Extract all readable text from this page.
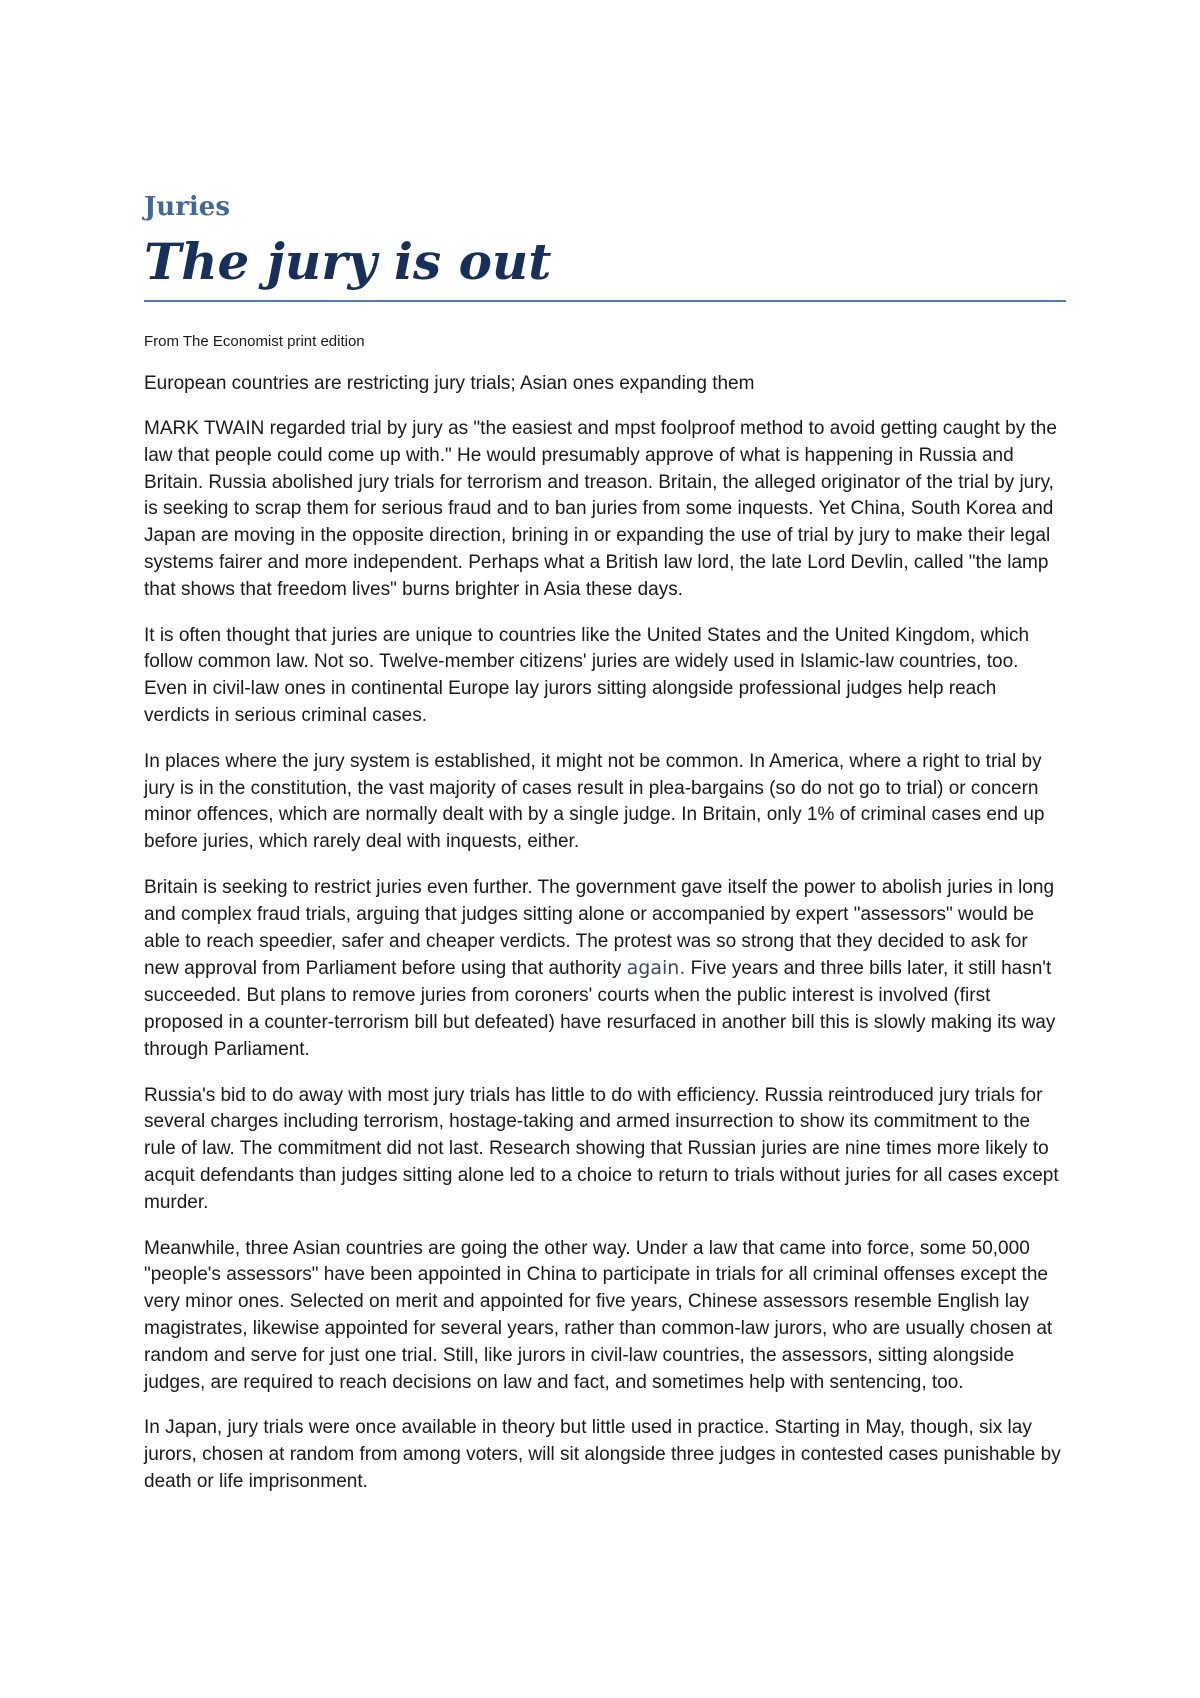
Juries
The jury is out

From The Economist print edition

European countries are restricting jury trials; Asian ones expanding them

MARK TWAIN regarded trial by jury as "the easiest and mpst foolproof method to avoid getting caught by the law that people could come up with." He would presumably approve of what is happening in Russia and Britain. Russia abolished jury trials for terrorism and treason. Britain, the alleged originator of the trial by jury, is seeking to scrap them for serious fraud and to ban juries from some inquests. Yet China, South Korea and Japan are moving in the opposite direction, brining in or expanding the use of trial by jury to make their legal systems fairer and more independent. Perhaps what a British law lord, the late Lord Devlin, called "the lamp that shows that freedom lives" burns brighter in Asia these days.

It is often thought that juries are unique to countries like the United States and the United Kingdom, which follow common law. Not so. Twelve-member citizens' juries are widely used in Islamic-law countries, too. Even in civil-law ones in continental Europe lay jurors sitting alongside professional judges help reach verdicts in serious criminal cases.

In places where the jury system is established, it might not be common. In America, where a right to trial by jury is in the constitution, the vast majority of cases result in plea-bargains (so do not go to trial) or concern minor offences, which are normally dealt with by a single judge. In Britain, only 1% of criminal cases end up before juries, which rarely deal with inquests, either.

Britain is seeking to restrict juries even further. The government gave itself the power to abolish juries in long and complex fraud trials, arguing that judges sitting alone or accompanied by expert "assessors" would be able to reach speedier, safer and cheaper verdicts. The protest was so strong that they decided to ask for new approval from Parliament before using that authority again. Five years and three bills later, it still hasn't succeeded. But plans to remove juries from coroners' courts when the public interest is involved (first proposed in a counter-terrorism bill but defeated) have resurfaced in another bill this is slowly making its way through Parliament.

Russia's bid to do away with most jury trials has little to do with efficiency. Russia reintroduced jury trials for several charges including terrorism, hostage-taking and armed insurrection to show its commitment to the rule of law. The commitment did not last. Research showing that Russian juries are nine times more likely to acquit defendants than judges sitting alone led to a choice to return to trials without juries for all cases except murder.

Meanwhile, three Asian countries are going the other way. Under a law that came into force, some 50,000 "people's assessors" have been appointed in China to participate in trials for all criminal offenses except the very minor ones. Selected on merit and appointed for five years, Chinese assessors resemble English lay magistrates, likewise appointed for several years, rather than common-law jurors, who are usually chosen at random and serve for just one trial. Still, like jurors in civil-law countries, the assessors, sitting alongside judges, are required to reach decisions on law and fact, and sometimes help with sentencing, too.

In Japan, jury trials were once available in theory but little used in practice. Starting in May, though, six lay jurors, chosen at random from among voters, will sit alongside three judges in contested cases punishable by death or life imprisonment.
